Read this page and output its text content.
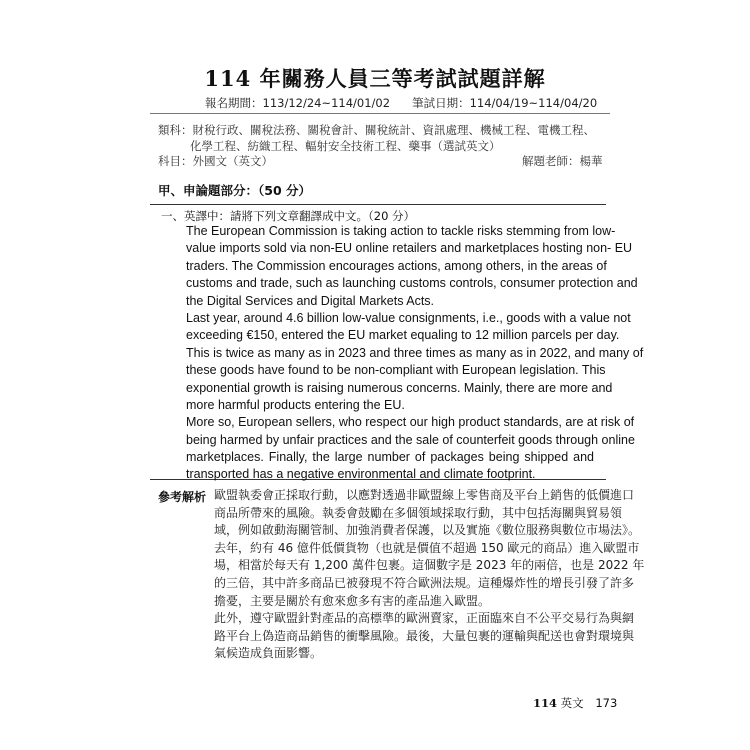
114 年關務人員三等考試試題詳解
報名期間：113/12/24~114/01/02 筆試日期：114/04/19~114/04/20
類科：財稅行政、關稅法務、關稅會計、關稅統計、資訊處理、機械工程、電機工程、
化學工程、紡織工程、輻射安全技術工程、藥事（選試英文）
科目：外國文（英文）	解題老師：楊華
甲、申論題部分：（50 分）
一、英譯中：請將下列文章翻譯成中文。（20 分）
The European Commission is taking action to tackle risks stemming from low-
value imports sold via non-EU online retailers and marketplaces hosting non- EU
traders. The Commission encourages actions, among others, in the areas of
customs and trade, such as launching customs controls, consumer protection and
the Digital Services and Digital Markets Acts.
Last year, around 4.6 billion low-value consignments, i.e., goods with a value not
exceeding €150, entered the EU market equaling to 12 million parcels per day.
This is twice as many as in 2023 and three times as many as in 2022, and many of
these goods have found to be non-compliant with European legislation. This
exponential growth is raising numerous concerns. Mainly, there are more and
more harmful products entering the EU.
More so, European sellers, who respect our high product standards, are at risk of
being harmed by unfair practices and the sale of counterfeit goods through online
marketplaces. Finally, the large number of packages being shipped and
transported has a negative environmental and climate footprint.
參考解析 歐盟執委會正採取行動，以應對透過非歐盟線上零售商及平台上銷售的低價進口
商品所帶來的風險。執委會鼓勵在多個領域採取行動，其中包括海關與貿易領
域，例如啟動海關管制、加強消費者保護，以及實施《數位服務與數位市場法》。
去年，約有 46 億件低價貨物（也就是價值不超過 150 歐元的商品）進入歐盟市
場，相當於每天有 1,200 萬件包裹。這個數字是 2023 年的兩倍，也是 2022 年
的三倍，其中許多商品已被發現不符合歐洲法規。這種爆炸性的增長引發了許多
擔憂，主要是關於有愈來愈多有害的產品進入歐盟。
此外，遵守歐盟針對產品的高標準的歐洲賣家，正面臨來自不公平交易行為與網
路平台上偽造商品銷售的衝擊風險。最後，大量包裹的運輸與配送也會對環境與
氣候造成負面影響。
114 英文 173
